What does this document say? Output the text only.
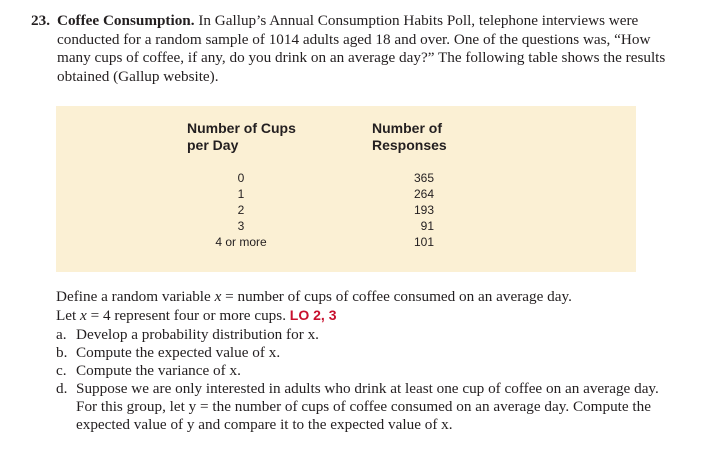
23. Coffee Consumption. In Gallup’s Annual Consumption Habits Poll, telephone interviews were conducted for a random sample of 1014 adults aged 18 and over. One of the questions was, “How many cups of coffee, if any, do you drink on an average day?” The following table shows the results obtained (Gallup website).
Number of Cups per Day
Number of Responses
0
1
2
3
4 or more
365
264
193
91
101
Define a random variable x = number of cups of coffee consumed on an average day.
Let x = 4 represent four or more cups. LO 2, 3
a. Develop a probability distribution for x.
b. Compute the expected value of x.
c. Compute the variance of x.
d. Suppose we are only interested in adults who drink at least one cup of coffee on an average day. For this group, let y = the number of cups of coffee consumed on an average day. Compute the expected value of y and compare it to the expected value of x.
